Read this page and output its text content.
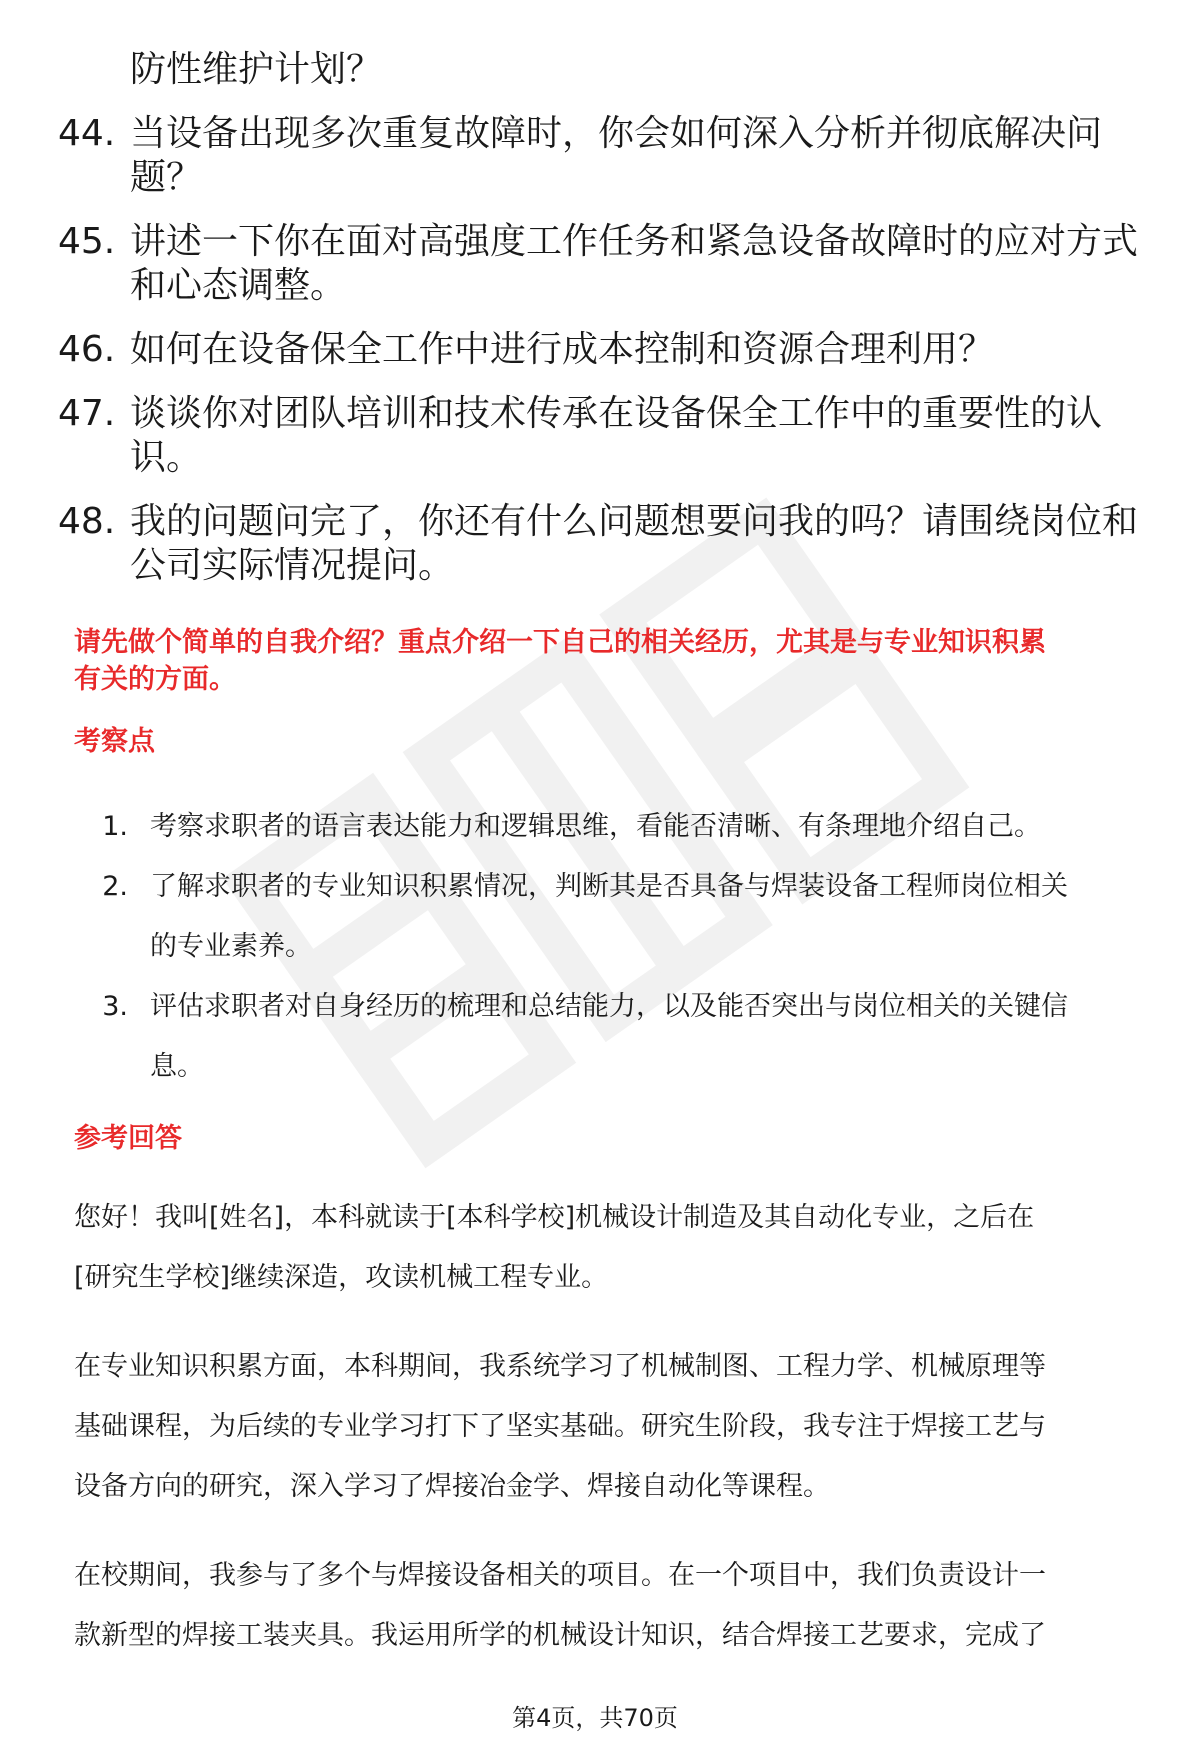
防性维护计划？
44. 当设备出现多次重复故障时，你会如何深入分析并彻底解决问
题？
45. 讲述一下你在面对高强度工作任务和紧急设备故障时的应对方式
和心态调整。
46. 如何在设备保全工作中进行成本控制和资源合理利用？
47. 谈谈你对团队培训和技术传承在设备保全工作中的重要性的认
识。
48. 我的问题问完了，你还有什么问题想要问我的吗？请围绕岗位和
公司实际情况提问。
请先做个简单的自我介绍？重点介绍一下自己的相关经历，尤其是与专业知识积累
有关的方面。
考察点
1. 考察求职者的语言表达能力和逻辑思维，看能否清晰、有条理地介绍自己。
2. 了解求职者的专业知识积累情况，判断其是否具备与焊装设备工程师岗位相关
的专业素养。
3. 评估求职者对自身经历的梳理和总结能力，以及能否突出与岗位相关的关键信
息。
参考回答

您好！我叫[姓名]，本科就读于[本科学校]机械设计制造及其自动化专业，之后在
[研究生学校]继续深造，攻读机械工程专业。

在专业知识积累方面，本科期间，我系统学习了机械制图、工程力学、机械原理等
基础课程，为后续的专业学习打下了坚实基础。研究生阶段，我专注于焊接工艺与
设备方向的研究，深入学习了焊接冶金学、焊接自动化等课程。

在校期间，我参与了多个与焊接设备相关的项目。在一个项目中，我们负责设计一
款新型的焊接工装夹具。我运用所学的机械设计知识，结合焊接工艺要求，完成了

第4页，共70页
